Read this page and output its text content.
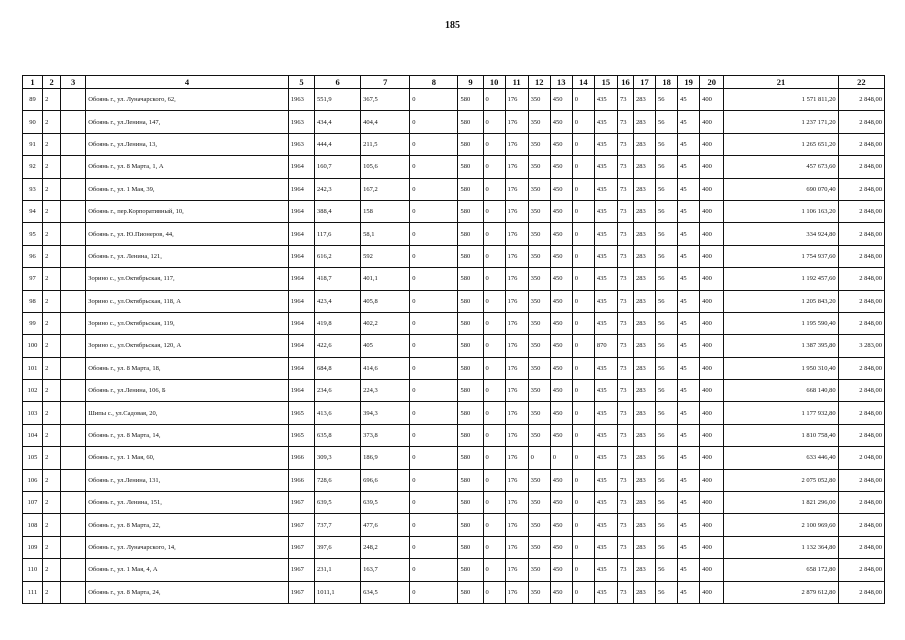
185
1	2	3	4	5	6	7	8	9	10	11	12	13	14	15	16	17	18	19	20	21	22
89	2		Обоянь г., ул. Луначарского, 62,	1963	551,9	367,5	0	580	0	176	350	450	0	435	73	283	56	45	400	1 571 811,20	2 848,00
90	2		Обоянь г., ул.Ленина, 147,	1963	434,4	404,4	0	580	0	176	350	450	0	435	73	283	56	45	400	1 237 171,20	2 848,00
91	2		Обоянь г., ул.Ленина, 13,	1963	444,4	211,5	0	580	0	176	350	450	0	435	73	283	56	45	400	1 265 651,20	2 848,00
92	2		Обоянь г., ул. 8 Марта, 1, А	1964	160,7	105,6	0	580	0	176	350	450	0	435	73	283	56	45	400	457 673,60	2 848,00
93	2		Обоянь г., ул. 1 Мая, 39,	1964	242,3	167,2	0	580	0	176	350	450	0	435	73	283	56	45	400	690 070,40	2 848,00
94	2		Обоянь г., пер.Корпоративный, 10,	1964	388,4	158	0	580	0	176	350	450	0	435	73	283	56	45	400	1 106 163,20	2 848,00
95	2		Обоянь г., ул. Ю.Пионеров, 44,	1964	117,6	58,1	0	580	0	176	350	450	0	435	73	283	56	45	400	334 924,80	2 848,00
96	2		Обоянь г., ул. Ленина, 121,	1964	616,2	592	0	580	0	176	350	450	0	435	73	283	56	45	400	1 754 937,60	2 848,00
97	2		Зорино с., ул.Октябрьская, 117,	1964	418,7	401,1	0	580	0	176	350	450	0	435	73	283	56	45	400	1 192 457,60	2 848,00
98	2		Зорино с., ул.Октябрьская, 118, А	1964	423,4	405,8	0	580	0	176	350	450	0	435	73	283	56	45	400	1 205 843,20	2 848,00
99	2		Зорино с., ул.Октябрьская, 119,	1964	419,8	402,2	0	580	0	176	350	450	0	435	73	283	56	45	400	1 195 590,40	2 848,00
100	2		Зорино с., ул.Октябрьская, 120, А	1964	422,6	405	0	580	0	176	350	450	0	870	73	283	56	45	400	1 387 395,80	3 283,00
101	2		Обоянь г., ул. 8 Марта, 18,	1964	684,8	414,6	0	580	0	176	350	450	0	435	73	283	56	45	400	1 950 310,40	2 848,00
102	2		Обоянь г., ул.Ленина, 106, Б	1964	234,6	224,3	0	580	0	176	350	450	0	435	73	283	56	45	400	668 140,80	2 848,00
103	2		Шипы с., ул.Садовая, 20,	1965	413,6	394,3	0	580	0	176	350	450	0	435	73	283	56	45	400	1 177 932,80	2 848,00
104	2		Обоянь г., ул. 8 Марта, 14,	1965	635,8	373,8	0	580	0	176	350	450	0	435	73	283	56	45	400	1 810 758,40	2 848,00
105	2		Обоянь г., ул. 1 Мая, 60,	1966	309,3	186,9	0	580	0	176	0	0	0	435	73	283	56	45	400	633 446,40	2 048,00
106	2		Обоянь г., ул.Ленина, 131,	1966	728,6	696,6	0	580	0	176	350	450	0	435	73	283	56	45	400	2 075 052,80	2 848,00
107	2		Обоянь г., ул. Ленина, 151,	1967	639,5	639,5	0	580	0	176	350	450	0	435	73	283	56	45	400	1 821 296,00	2 848,00
108	2		Обоянь г., ул. 8 Марта, 22,	1967	737,7	477,6	0	580	0	176	350	450	0	435	73	283	56	45	400	2 100 969,60	2 848,00
109	2		Обоянь г., ул. Луначарского, 14,	1967	397,6	248,2	0	580	0	176	350	450	0	435	73	283	56	45	400	1 132 364,80	2 848,00
110	2		Обоянь г., ул. 1 Мая, 4, А	1967	231,1	163,7	0	580	0	176	350	450	0	435	73	283	56	45	400	658 172,80	2 848,00
111	2		Обоянь г., ул. 8 Марта, 24,	1967	1011,1	634,5	0	580	0	176	350	450	0	435	73	283	56	45	400	2 879 612,80	2 848,00
